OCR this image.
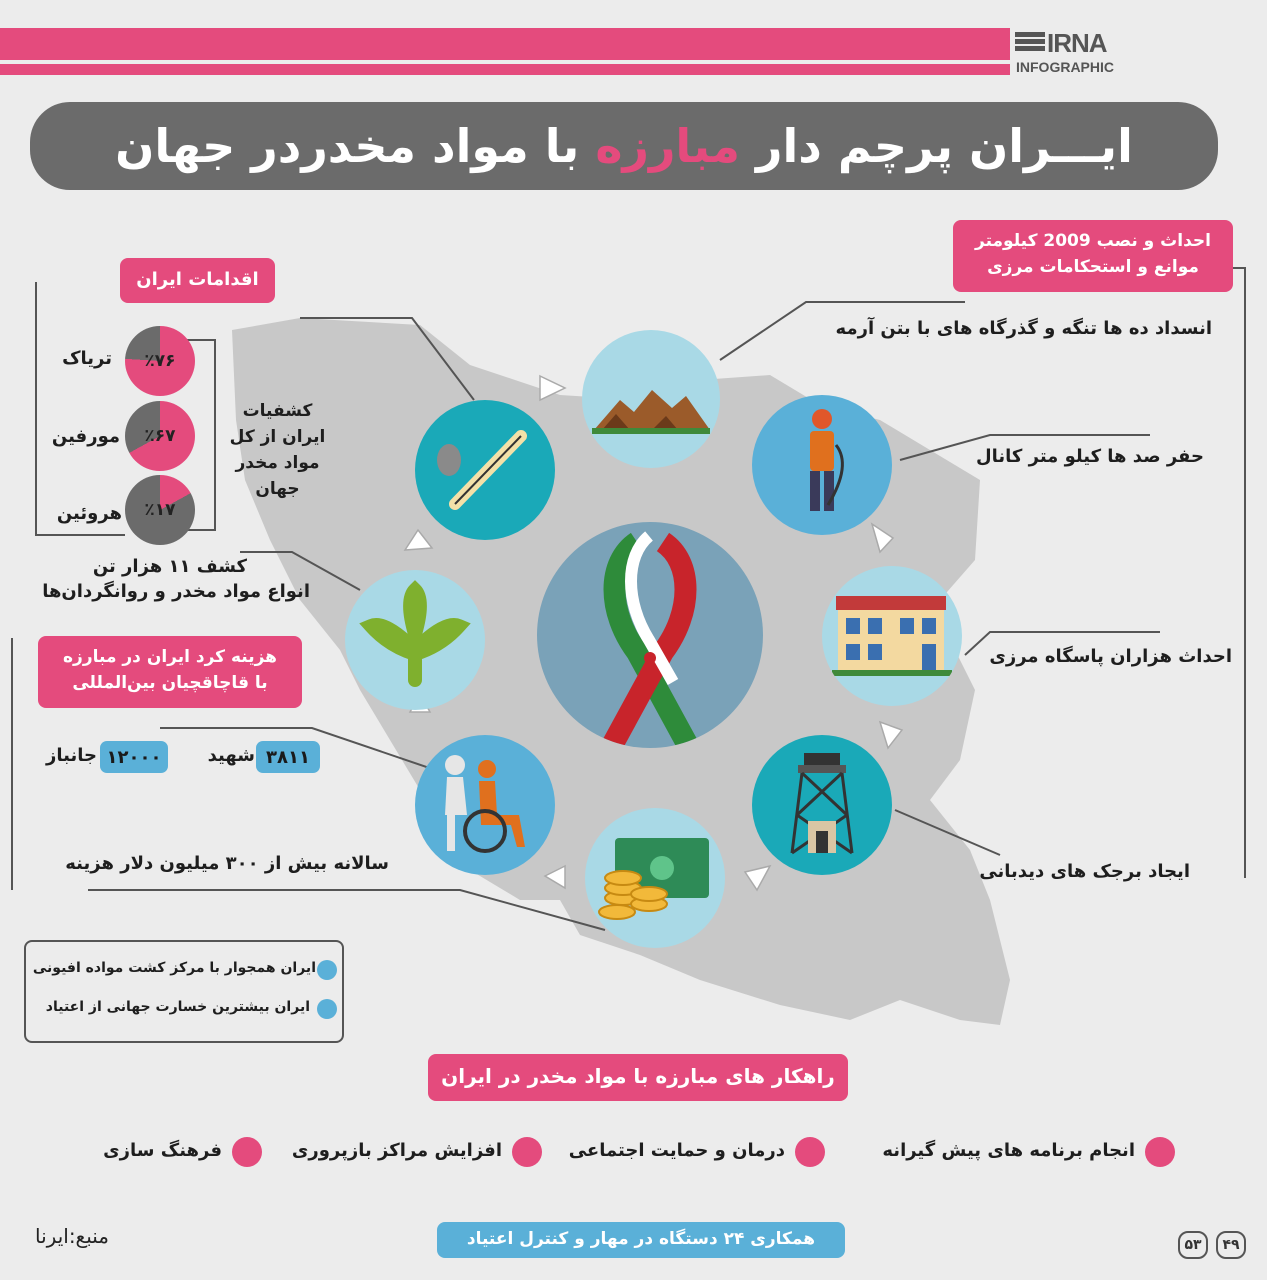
IRNA
INFOGRAPHIC
ایـــران پرچم دار مبارزه با مواد مخدردر جهان
اقدامات ایران
٪۷۶
تریاک
٪۶۷
مورفین
٪۱۷
هروئین
کشفیات ایران از کل مواد مخدر جهان
کشف ۱۱ هزار تن
انواع مواد مخدر و روانگردان‌ها
هزینه کرد ایران در مبارزه
با قاچاقچیان بین‌المللی
۱۲۰۰۰
جانباز	۳۸۱۱
شهید
سالانه بیش از ۳۰۰ میلیون دلار هزینه
ایران همجوار با مرکز کشت مواده افیونی
ایران بیشترین خسارت جهانی از اعتیاد
احداث و نصب 2009 کیلومتر
موانع و استحکامات مرزی
انسداد ده ها تنگه و گذرگاه های با بتن آرمه
حفر صد ها کیلو متر کانال
احداث هزاران پاسگاه مرزی
ایجاد برجک های دیدبانی
راهکار های مبارزه با مواد مخدر در ایران
انجام برنامه های پیش گیرانه
درمان و حمایت اجتماعی
افزایش مراکز بازپروری
فرهنگ سازی
همکاری ۲۴ دستگاه در مهار و کنترل اعتیاد
منبع:ایرنا	۴۹
۵۳
